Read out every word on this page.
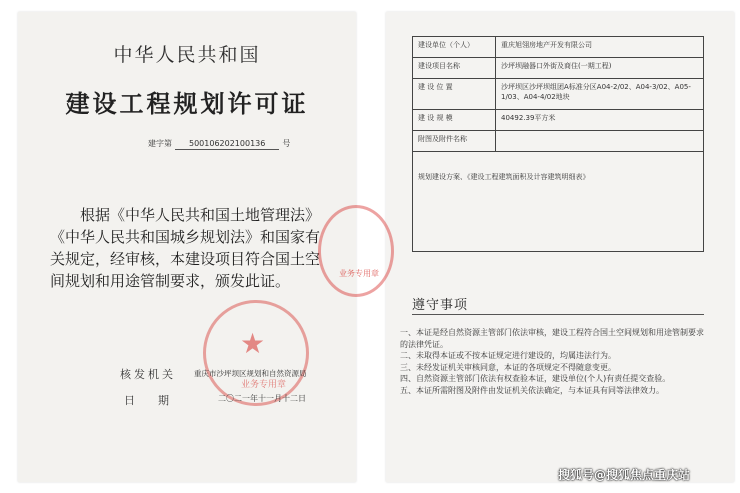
中华人民共和国
建设工程规划许可证
建字第 500106202100136 号
根据《中华人民共和国土地管理法》《中华人民共和国城乡规划法》和国家有关规定，经审核，本建设项目符合国土空间规划和用途管制要求，颁发此证。
★
业务专用章
业务专用章
核发机关 重庆市沙坪坝区规划和自然资源局
日 期	二〇二一年十一月十二日
建设单位（个人）	重庆旭翎房地产开发有限公司
建设项目名称	沙坪坝融器口外街及商住(一期工程)
建 设 位 置	沙坪坝区沙坪坝组团A标准分区A04-2/02、A04-3/02、A05-1/03、A04-4/02地块
建 设 规 模	40492.39平方米
附图及附件名称	
规划建设方案、《建设工程建筑面积及计容建筑明细表》	
遵守事项
一、本证是经自然资源主管部门依法审核，建设工程符合国土空间规划和用途管制要求的法律凭证。
二、未取得本证或不按本证规定进行建设的，均属违法行为。
三、未经发证机关审核同意，本证的各项规定不得随意变更。
四、自然资源主管部门依法有权查验本证，建设单位(个人)有责任提交查验。
五、本证所需附图及附件由发证机关依法确定，与本证具有同等法律效力。
搜狐号@搜狐焦点重庆站
